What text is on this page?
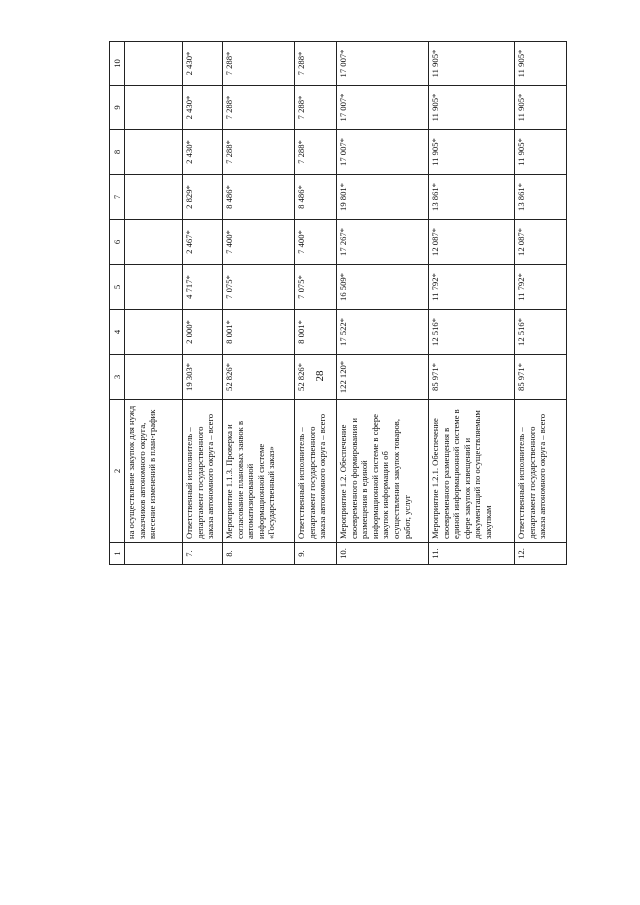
28
1	2	3	4	5	6	7	8	9	10
	на осуществление закупок для нужд заказчиков автономного округа, внесение изменений в план-график								
7.	Ответственный исполнитель – департамент государственного заказа автономного округа – всего	19 303*	2 000*	4 717*	2 467*	2 829*	2 430*	2 430*	2 430*
8.	Мероприятие 1.1.3. Проверка и согласование плановых заявок в автоматизированной информационной системе «Государственный заказ»	52 826*	8 001*	7 075*	7 400*	8 486*	7 288*	7 288*	7 288*
9.	Ответственный исполнитель – департамент государственного заказа автономного округа – всего	52 826*	8 001*	7 075*	7 400*	8 486*	7 288*	7 288*	7 288*
10.	Мероприятие 1.2. Обеспечение своевременного формирования и размещения в единой информационной системе в сфере закупок информации об осуществлении закупок товаров, работ, услуг	122 120*	17 522*	16 509*	17 267*	19 801*	17 007*	17 007*	17 007*
11.	Мероприятие 1.2.1. Обеспечение своевременного размещения в единой информационной системе в сфере закупок извещений и документаций по осуществляемым закупкам	85 971*	12 516*	11 792*	12 087*	13 861*	11 905*	11 905*	11 905*
12.	Ответственный исполнитель – департамент государственного заказа автономного округа – всего	85 971*	12 516*	11 792*	12 087*	13 861*	11 905*	11 905*	11 905*
